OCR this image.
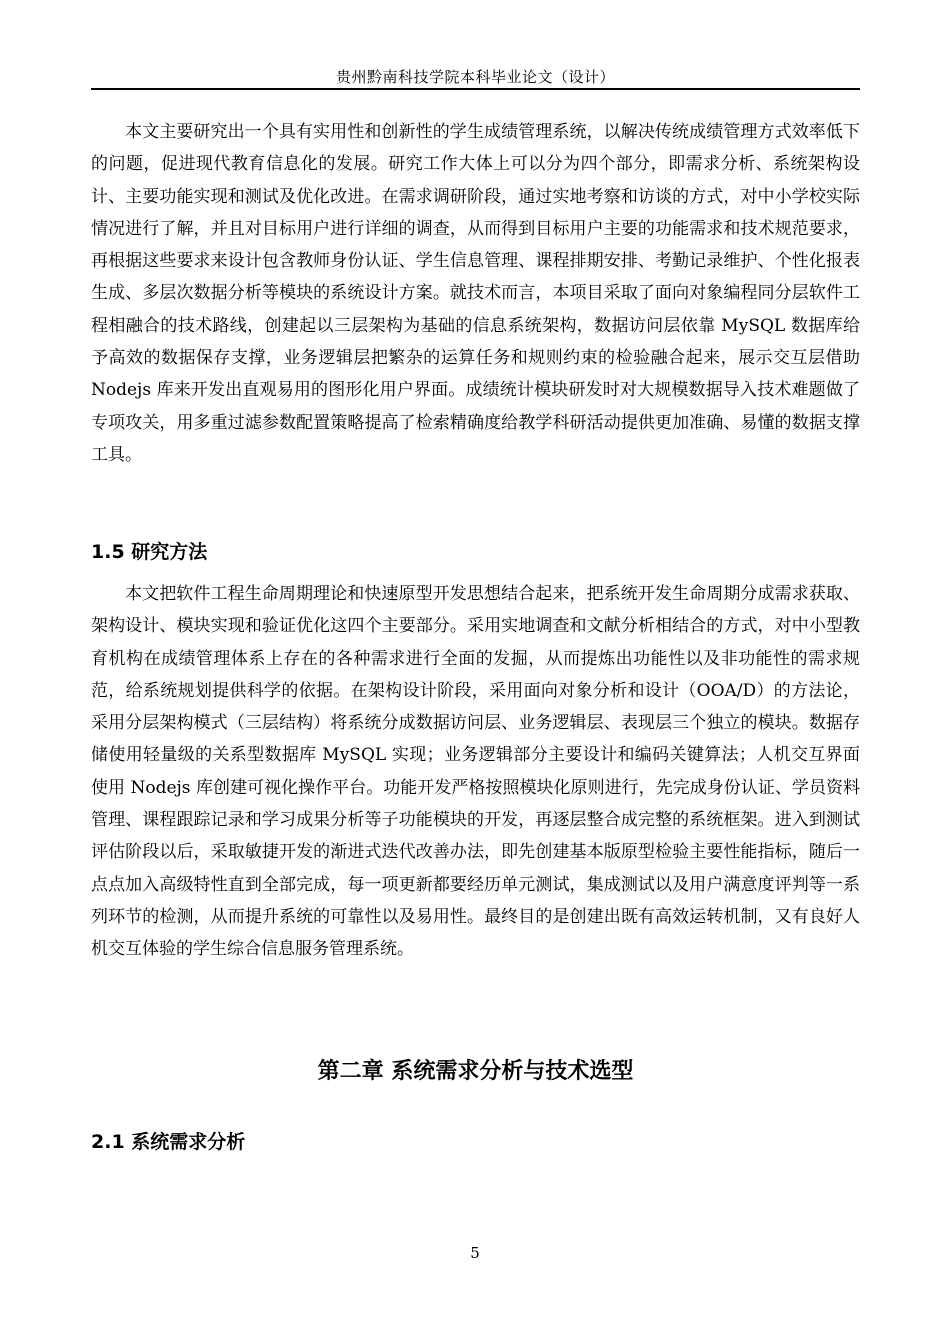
贵州黔南科技学院本科毕业论文（设计）

本文主要研究出一个具有实用性和创新性的学生成绩管理系统，以解决传统成绩管理方式效率低下的问题，促进现代教育信息化的发展。研究工作大体上可以分为四个部分，即需求分析、系统架构设计、主要功能实现和测试及优化改进。在需求调研阶段，通过实地考察和访谈的方式，对中小学校实际情况进行了解，并且对目标用户进行详细的调查，从而得到目标用户主要的功能需求和技术规范要求，再根据这些要求来设计包含教师身份认证、学生信息管理、课程排期安排、考勤记录维护、个性化报表生成、多层次数据分析等模块的系统设计方案。就技术而言，本项目采取了面向对象编程同分层软件工程相融合的技术路线，创建起以三层架构为基础的信息系统架构，数据访问层依靠 MySQL 数据库给予高效的数据保存支撑，业务逻辑层把繁杂的运算任务和规则约束的检验融合起来，展示交互层借助 Nodejs 库来开发出直观易用的图形化用户界面。成绩统计模块研发时对大规模数据导入技术难题做了专项攻关，用多重过滤参数配置策略提高了检索精确度给教学科研活动提供更加准确、易懂的数据支撑工具。

1.5 研究方法

本文把软件工程生命周期理论和快速原型开发思想结合起来，把系统开发生命周期分成需求获取、架构设计、模块实现和验证优化这四个主要部分。采用实地调查和文献分析相结合的方式，对中小型教育机构在成绩管理体系上存在的各种需求进行全面的发掘，从而提炼出功能性以及非功能性的需求规范，给系统规划提供科学的依据。在架构设计阶段，采用面向对象分析和设计（OOA/D）的方法论，采用分层架构模式（三层结构）将系统分成数据访问层、业务逻辑层、表现层三个独立的模块。数据存储使用轻量级的关系型数据库 MySQL 实现；业务逻辑部分主要设计和编码关键算法；人机交互界面使用 Nodejs 库创建可视化操作平台。功能开发严格按照模块化原则进行，先完成身份认证、学员资料管理、课程跟踪记录和学习成果分析等子功能模块的开发，再逐层整合成完整的系统框架。进入到测试评估阶段以后，采取敏捷开发的渐进式迭代改善办法，即先创建基本版原型检验主要性能指标，随后一点点加入高级特性直到全部完成，每一项更新都要经历单元测试，集成测试以及用户满意度评判等一系列环节的检测，从而提升系统的可靠性以及易用性。最终目的是创建出既有高效运转机制，又有良好人机交互体验的学生综合信息服务管理系统。

第二章 系统需求分析与技术选型
2.1 系统需求分析
5
